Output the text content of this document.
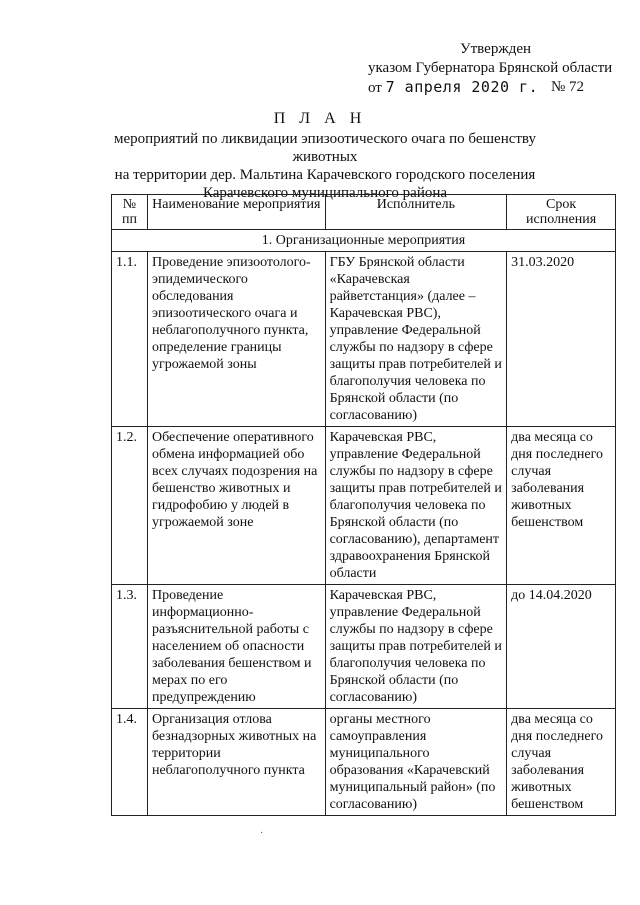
Утвержден
указом Губернатора Брянской области
от 7 апреля 2020 г. № 72
П Л А Н
мероприятий по ликвидации эпизоотического очага по бешенству животных
на территории дер. Мальтина Карачевского городского поселения
Карачевского муниципального района
№ пп	Наименование мероприятия	Исполнитель	Срок исполнения
1. Организационные мероприятия			
1.1.	Проведение эпизоотолого-эпидемического обследования эпизоотического очага и неблагополучного пункта, определение границы угрожаемой зоны	ГБУ Брянской области «Карачевская райветстанция» (далее – Карачевская РВС), управление Федеральной службы по надзору в сфере защиты прав потребителей и благополучия человека по Брянской области (по согласованию)	31.03.2020
1.2.	Обеспечение оперативного обмена информацией обо всех случаях подозрения на бешенство животных и гидрофобию у людей в угрожаемой зоне	Карачевская РВС, управление Федеральной службы по надзору в сфере защиты прав потребителей и благополучия человека по Брянской области (по согласованию), департамент здравоохранения Брянской области	два месяца со дня последнего случая заболевания животных бешенством
1.3.	Проведение информационно-разъяснительной работы с населением об опасности заболевания бешенством и мерах по его предупреждению	Карачевская РВС, управление Федеральной службы по надзору в сфере защиты прав потребителей и благополучия человека по Брянской области (по согласованию)	до 14.04.2020
1.4.	Организация отлова безнадзорных животных на территории неблагополучного пункта	органы местного самоуправления муниципального образования «Карачевский муниципальный район» (по согласованию)	два месяца со дня последнего случая заболевания животных бешенством
·
